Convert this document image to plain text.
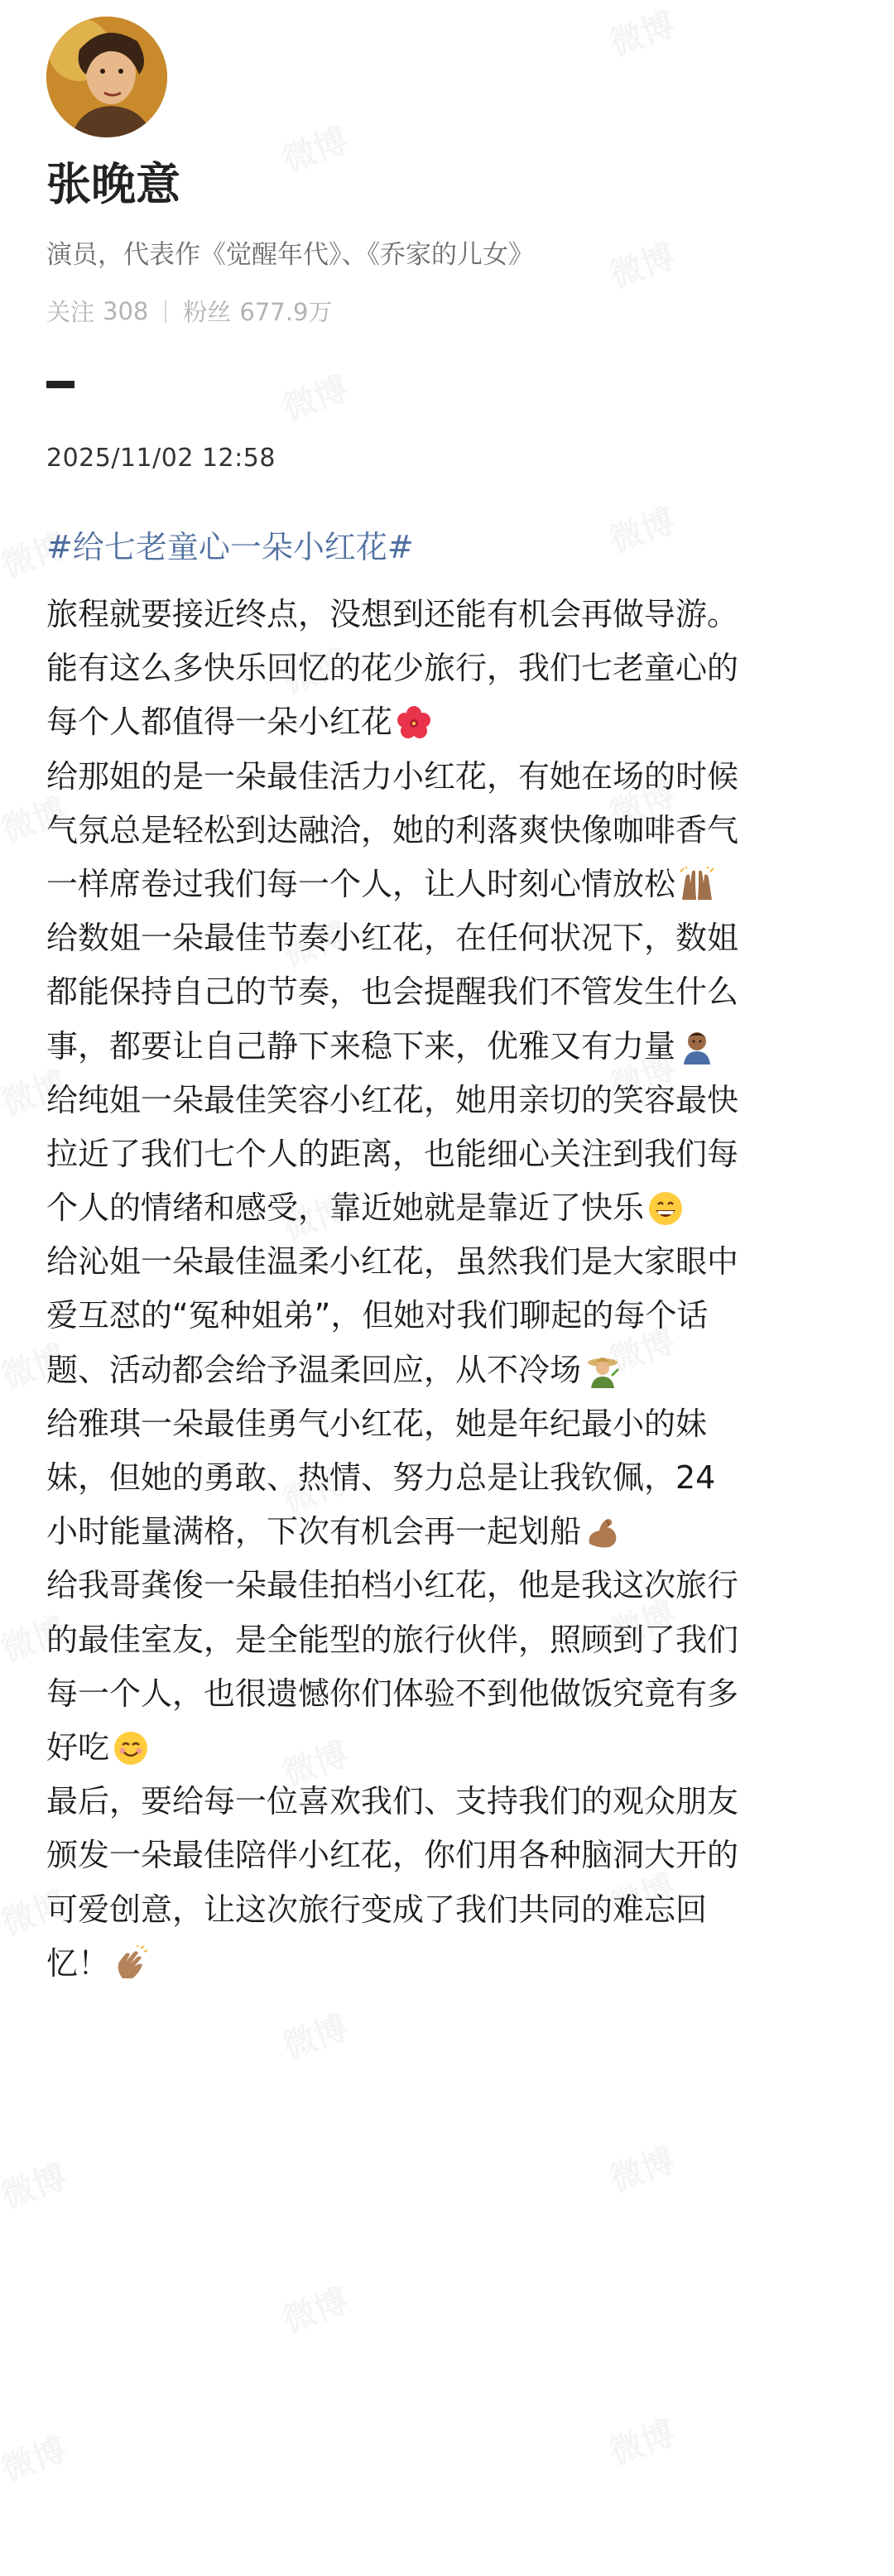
张晚意
演员，代表作《觉醒年代》、《乔家的儿女》
关注 308 粉丝 677.9万
2025/11/02 12:58
#给七老童心一朵小红花#
旅程就要接近终点，没想到还能有机会再做导游。
能有这么多快乐回忆的花少旅行，我们七老童心的
每个人都值得一朵小红花
给那姐的是一朵最佳活力小红花，有她在场的时候
气氛总是轻松到达融洽，她的利落爽快像咖啡香气
一样席卷过我们每一个人，让人时刻心情放松
给数姐一朵最佳节奏小红花，在任何状况下，数姐
都能保持自己的节奏，也会提醒我们不管发生什么
事，都要让自己静下来稳下来，优雅又有力量
给纯姐一朵最佳笑容小红花，她用亲切的笑容最快
拉近了我们七个人的距离，也能细心关注到我们每
个人的情绪和感受，靠近她就是靠近了快乐
给沁姐一朵最佳温柔小红花，虽然我们是大家眼中
爱互怼的“冤种姐弟”，但她对我们聊起的每个话
题、活动都会给予温柔回应，从不冷场
给雅琪一朵最佳勇气小红花，她是年纪最小的妹
妹，但她的勇敢、热情、努力总是让我钦佩，24
小时能量满格，下次有机会再一起划船
给我哥龚俊一朵最佳拍档小红花，他是我这次旅行
的最佳室友，是全能型的旅行伙伴，照顾到了我们
每一个人，也很遗憾你们体验不到他做饭究竟有多
好吃
最后，要给每一位喜欢我们、支持我们的观众朋友
颁发一朵最佳陪伴小红花，你们用各种脑洞大开的
可爱创意，让这次旅行变成了我们共同的难忘回
忆！
